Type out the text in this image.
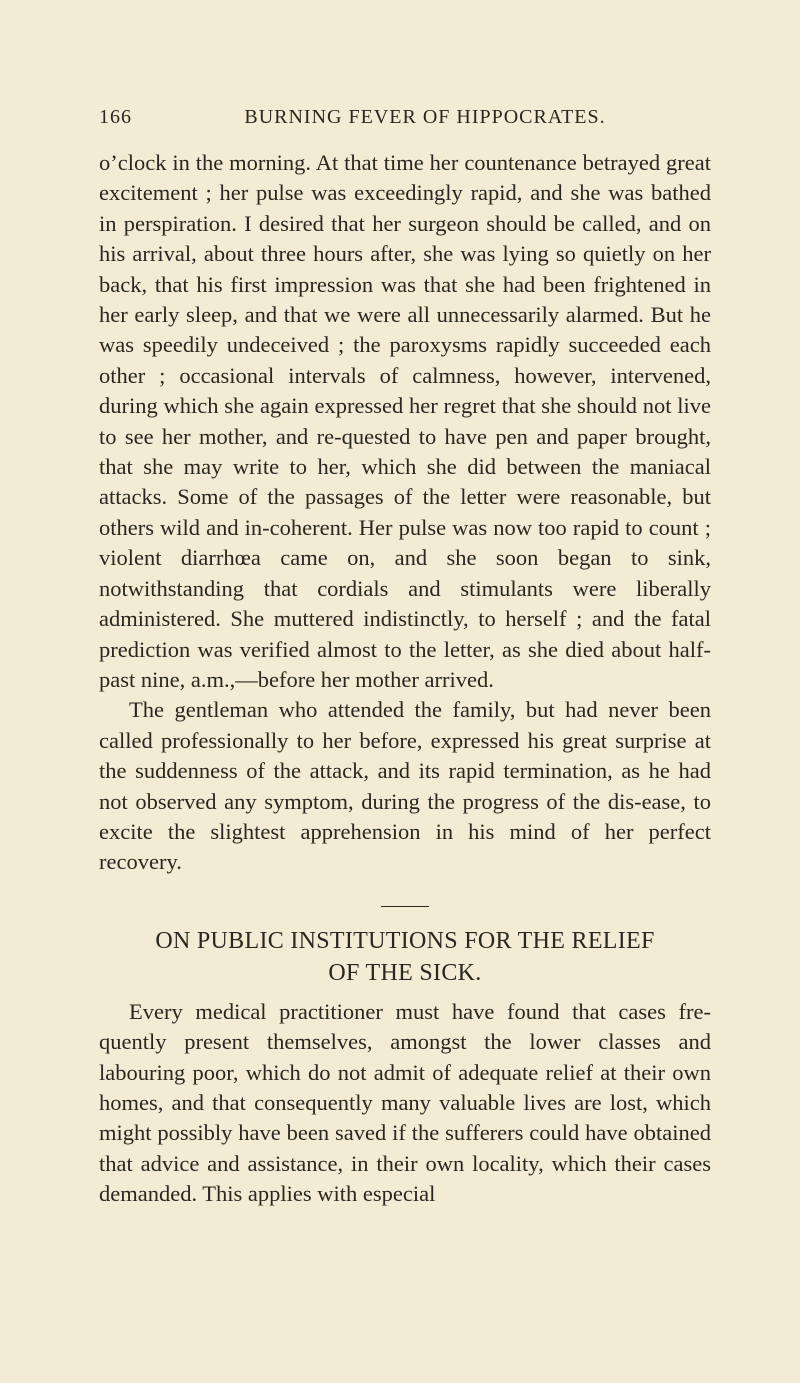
166	BURNING FEVER OF HIPPOCRATES.

o’clock in the morning. At that time her countenance betrayed great excitement ; her pulse was exceedingly rapid, and she was bathed in perspiration. I desired that her surgeon should be called, and on his arrival, about three hours after, she was lying so quietly on her back, that his first impression was that she had been frightened in her early sleep, and that we were all unnecessarily alarmed. But he was speedily undeceived ; the paroxysms rapidly succeeded each other ; occasional intervals of calmness, however, intervened, during which she again expressed her regret that she should not live to see her mother, and re-quested to have pen and paper brought, that she may write to her, which she did between the maniacal attacks. Some of the passages of the letter were reasonable, but others wild and in-coherent. Her pulse was now too rapid to count ; violent diarrhœa came on, and she soon began to sink, notwithstanding that cordials and stimulants were liberally administered. She muttered indistinctly, to herself ; and the fatal prediction was verified almost to the letter, as she died about half-past nine, a.m.,—before her mother arrived.

The gentleman who attended the family, but had never been called professionally to her before, expressed his great surprise at the suddenness of the attack, and its rapid termination, as he had not observed any symptom, during the progress of the dis-ease, to excite the slightest apprehension in his mind of her perfect recovery.

ON PUBLIC INSTITUTIONS FOR THE RELIEF
OF THE SICK.

Every medical practitioner must have found that cases fre-quently present themselves, amongst the lower classes and labouring poor, which do not admit of adequate relief at their own homes, and that consequently many valuable lives are lost, which might possibly have been saved if the sufferers could have obtained that advice and assistance, in their own locality, which their cases demanded. This applies with especial
